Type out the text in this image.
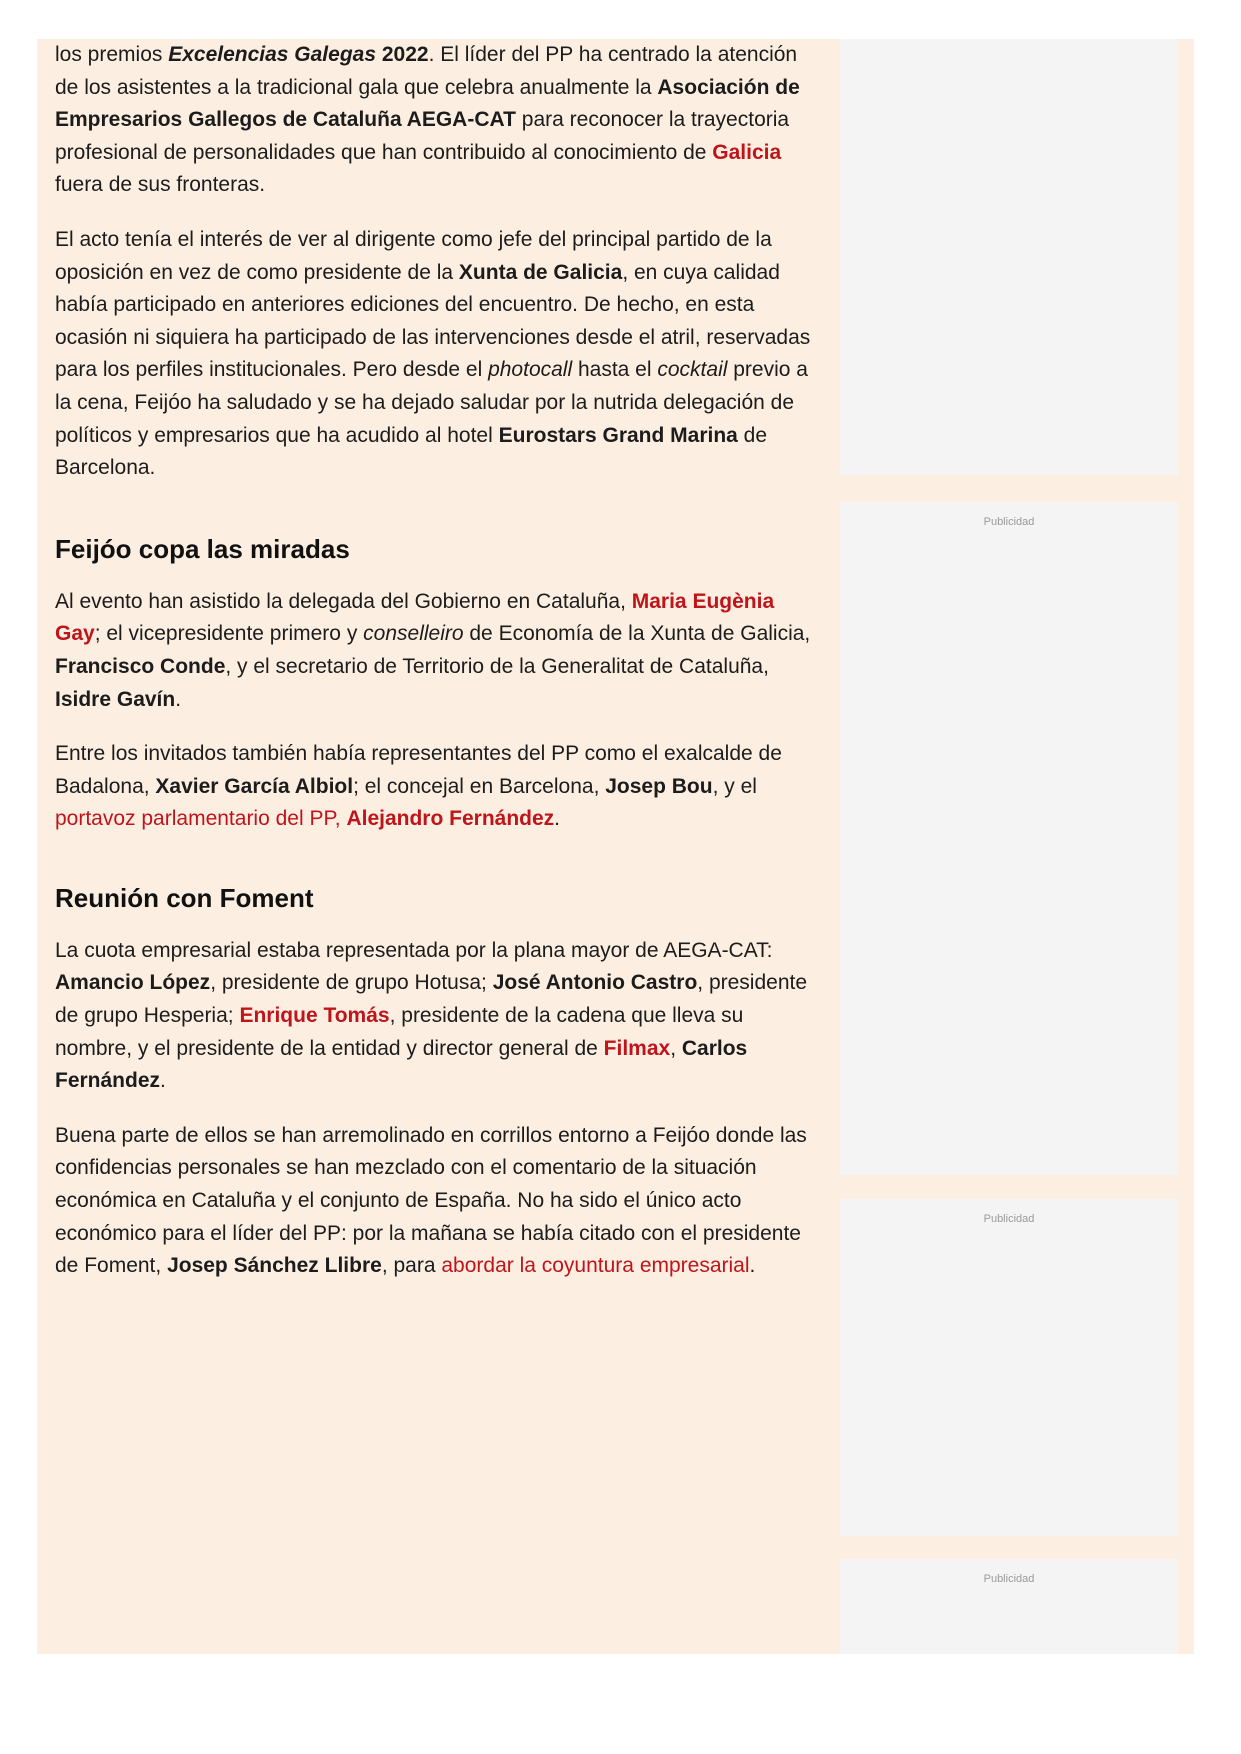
los premios Excelencias Galegas 2022. El líder del PP ha centrado la atención de los asistentes a la tradicional gala que celebra anualmente la Asociación de Empresarios Gallegos de Cataluña AEGA-CAT para reconocer la trayectoria profesional de personalidades que han contribuido al conocimiento de Galicia fuera de sus fronteras.

El acto tenía el interés de ver al dirigente como jefe del principal partido de la oposición en vez de como presidente de la Xunta de Galicia, en cuya calidad había participado en anteriores ediciones del encuentro. De hecho, en esta ocasión ni siquiera ha participado de las intervenciones desde el atril, reservadas para los perfiles institucionales. Pero desde el photocall hasta el cocktail previo a la cena, Feijóo ha saludado y se ha dejado saludar por la nutrida delegación de políticos y empresarios que ha acudido al hotel Eurostars Grand Marina de Barcelona.

Feijóo copa las miradas

Al evento han asistido la delegada del Gobierno en Cataluña, Maria Eugènia Gay; el vicepresidente primero y conselleiro de Economía de la Xunta de Galicia, Francisco Conde, y el secretario de Territorio de la Generalitat de Cataluña, Isidre Gavín.

Entre los invitados también había representantes del PP como el exalcalde de Badalona, Xavier García Albiol; el concejal en Barcelona, Josep Bou, y el portavoz parlamentario del PP, Alejandro Fernández.

Reunión con Foment

La cuota empresarial estaba representada por la plana mayor de AEGA-CAT: Amancio López, presidente de grupo Hotusa; José Antonio Castro, presidente de grupo Hesperia; Enrique Tomás, presidente de la cadena que lleva su nombre, y el presidente de la entidad y director general de Filmax, Carlos Fernández.

Buena parte de ellos se han arremolinado en corrillos entorno a Feijóo donde las confidencias personales se han mezclado con el comentario de la situación económica en Cataluña y el conjunto de España. No ha sido el único acto económico para el líder del PP: por la mañana se había citado con el presidente de Foment, Josep Sánchez Llibre, para abordar la coyuntura empresarial.

Publicidad
Publicidad
Publicidad
